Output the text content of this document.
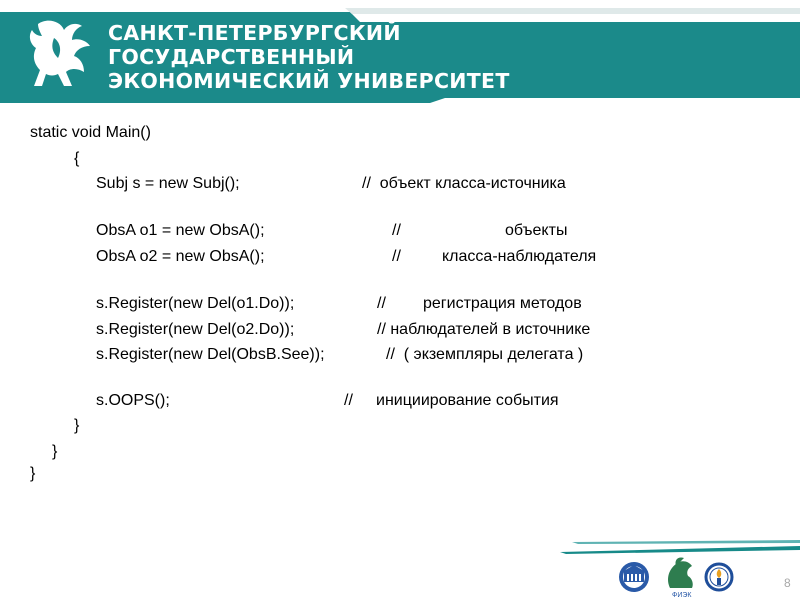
САНКТ-ПЕТЕРБУРГСКИЙ
ГОСУДАРСТВЕННЫЙ
ЭКОНОМИЧЕСКИЙ УНИВЕРСИТЕТ
static void Main()
{
Subj s = new Subj();	//  объект класса-источника
ObsA o1 = new ObsA();	//	объекты
ObsA o2 = new ObsA();	//	класса-наблюдателя
s.Register(new Del(o1.Do));	// регистрация методов
s.Register(new Del(o2.Do));	// наблюдателей в источнике
s.Register(new Del(ObsB.See));	//  ( экземпляры делегата )
s.OOPS();	// инициирование события
}
}
}
ФИЭК
8
